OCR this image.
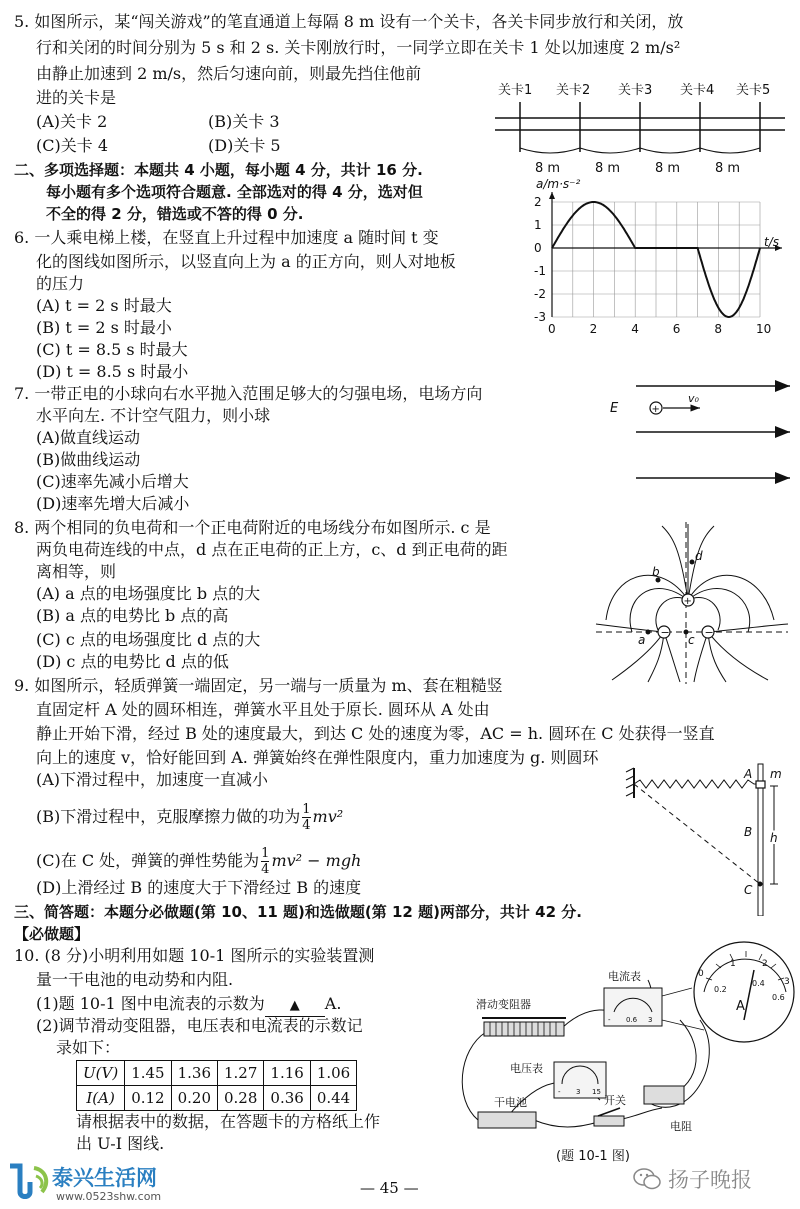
5. 如图所示，某“闯关游戏”的笔直通道上每隔 8 m 设有一个关卡，各关卡同步放行和关闭，放
行和关闭的时间分别为 5 s 和 2 s. 关卡刚放行时，一同学立即在关卡 1 处以加速度 2 m/s²
由静止加速到 2 m/s，然后匀速向前，则最先挡住他前
进的关卡是
(A)关卡 2	(B)关卡 3
(C)关卡 4	(D)关卡 5
关卡1 关卡2 关卡3 关卡4 关卡5
8 m	8 m	8 m	8 m
二、多项选择题：本题共 4 小题，每小题 4 分，共计 16 分.
每小题有多个选项符合题意. 全部选对的得 4 分，选对但
不全的得 2 分，错选或不答的得 0 分.
6. 一人乘电梯上楼，在竖直上升过程中加速度 a 随时间 t 变
化的图线如图所示，以竖直向上为 a 的正方向，则人对地板
的压力
(A) t = 2 s 时最大
(B) t = 2 s 时最小
(C) t = 8.5 s 时最大
(D) t = 8.5 s 时最小
0	2	4	6	8	10
2
1
0
-1
-2
-3
a/m·s⁻²
t/s
7. 一带正电的小球向右水平抛入范围足够大的匀强电场，电场方向
水平向左. 不计空气阻力，则小球
(A)做直线运动
(B)做曲线运动
(C)速率先减小后增大
(D)速率先增大后减小
E	+
v₀
8. 两个相同的负电荷和一个正电荷附近的电场线分布如图所示. c 是
两负电荷连线的中点，d 点在正电荷的正上方，c、d 到正电荷的距
离相等，则
(A) a 点的电场强度比 b 点的大
(B) a 点的电势比 b 点的高
(C) c 点的电场强度比 d 点的大
(D) c 点的电势比 d 点的低
+
−	−
d
b
a	c
9. 如图所示，轻质弹簧一端固定，另一端与一质量为 m、套在粗糙竖
直固定杆 A 处的圆环相连，弹簧水平且处于原长. 圆环从 A 处由
静止开始下滑，经过 B 处的速度最大，到达 C 处的速度为零，AC = h. 圆环在 C 处获得一竖直
向上的速度 v，恰好能回到 A. 弹簧始终在弹性限度内，重力加速度为 g. 则圆环
(A)下滑过程中，加速度一直减小
(B)下滑过程中，克服摩擦力做的功为 $\frac{1}{4} mv^2$
(C)在 C 处，弹簧的弹性势能为 $\frac{1}{4} mv^2$ − mgh
(D)上滑经过 B 的速度大于下滑经过 B 的速度
A
B
C
m
h
三、简答题：本题分必做题(第 10、11 题)和选做题(第 12 题)两部分，共计 42 分.
【必做题】
10. (8 分)小明利用如题 10-1 图所示的实验装置测
量一干电池的电动势和内阻.
(1)题 10-1 图中电流表的示数为 ▲ A.
(2)调节滑动变阻器，电压表和电流表的示数记
录如下：
U(V)	1.45	1.36	1.27	1.16	1.06
I(A)	0.12	0.20	0.28	0.36	0.44
请根据表中的数据，在答题卡的方格纸上作
出 U-I 图线.
滑动变阻器
- 0.6 3
电流表	0
1	2
3
0.2
0.4
0.6
A
- 3 15
电压表
电阻
干电池	开关
(题 10-1 图)
— 45 —
泰兴生活网
www.0523shw.com
扬子晚报
